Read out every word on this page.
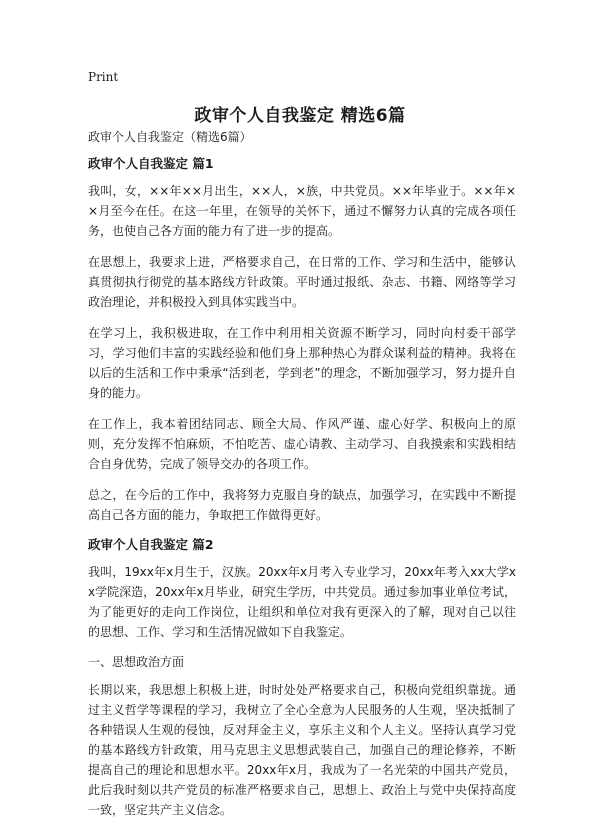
Print
政审个人自我鉴定 精选6篇

政审个人自我鉴定（精选6篇）

政审个人自我鉴定 篇1

我叫，女，××年××月出生，××人，×族，中共党员。××年毕业于。××年××月至今在任。在这一年里，在领导的关怀下，通过不懈努力认真的完成各项任务，也使自己各方面的能力有了进一步的提高。

在思想上，我要求上进，严格要求自己，在日常的工作、学习和生活中，能够认真贯彻执行彻党的基本路线方针政策。平时通过报纸、杂志、书籍、网络等学习政治理论，并积极投入到具体实践当中。

在学习上，我积极进取，在工作中利用相关资源不断学习，同时向村委干部学习，学习他们丰富的实践经验和他们身上那种热心为群众谋利益的精神。我将在以后的生活和工作中秉承“活到老，学到老”的理念，不断加强学习，努力提升自身的能力。

在工作上，我本着团结同志、顾全大局、作风严谨、虚心好学、积极向上的原则，充分发挥不怕麻烦，不怕吃苦、虚心请教、主动学习、自我摸索和实践相结合自身优势，完成了领导交办的各项工作。

总之，在今后的工作中，我将努力克服自身的缺点，加强学习，在实践中不断提高自己各方面的能力，争取把工作做得更好。

政审个人自我鉴定 篇2

我叫，19xx年x月生于，汉族。20xx年x月考入专业学习，20xx年考入xx大学xx学院深造，20xx年x月毕业，研究生学历，中共党员。通过参加事业单位考试，为了能更好的走向工作岗位，让组织和单位对我有更深入的了解，现对自己以往的思想、工作、学习和生活情况做如下自我鉴定。

一、思想政治方面

长期以来，我思想上积极上进，时时处处严格要求自己，积极向党组织靠拢。通过主义哲学等课程的学习，我树立了全心全意为人民服务的人生观，坚决抵制了各种错误人生观的侵蚀，反对拜金主义，享乐主义和个人主义。坚持认真学习党的基本路线方针政策，用马克思主义思想武装自己，加强自己的理论修养，不断提高自己的理论和思想水平。20xx年x月，我成为了一名光荣的中国共产党员，此后我时刻以共产党员的标准严格要求自己，思想上、政治上与党中央保持高度一致，坚定共产主义信念。
